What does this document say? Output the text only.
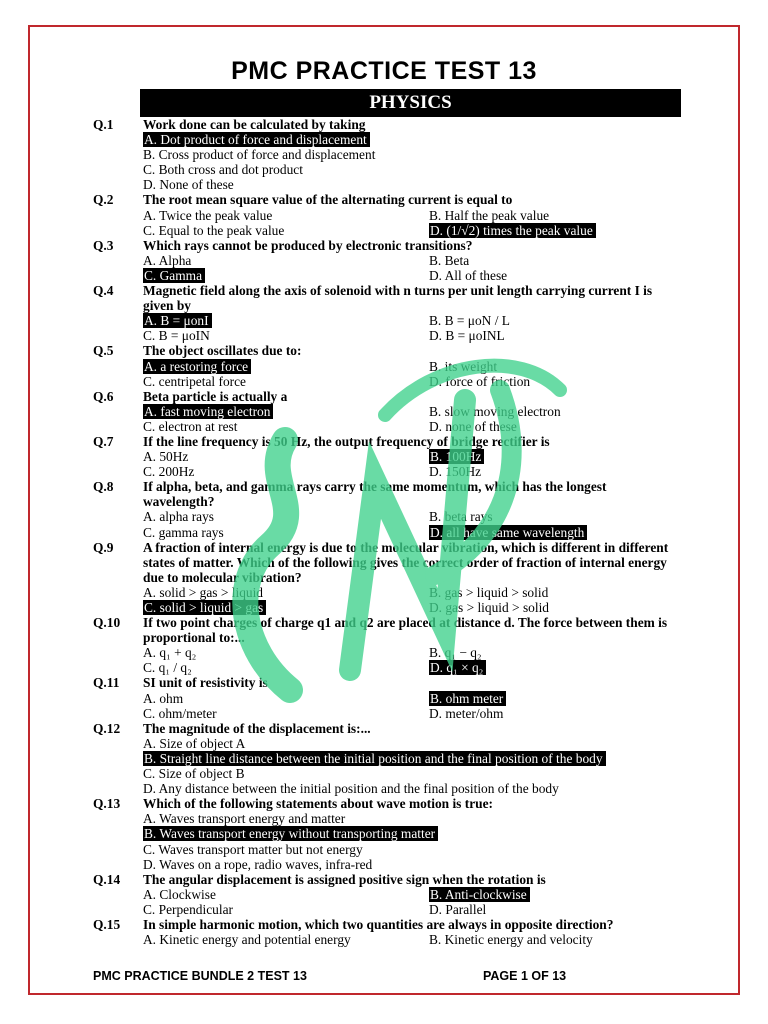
PMC PRACTICE TEST 13
PHYSICS
Q.1	Work done can be calculated by taking
A. Dot product of force and displacement
B. Cross product of force and displacement
C. Both cross and dot product
D. None of these
Q.2	The root mean square value of the alternating current is equal to
A. Twice the peak value	B. Half the peak value
C. Equal to the peak value	D. (1/√2) times the peak value
Q.3	Which rays cannot be produced by electronic transitions?
A. Alpha	B. Beta
C. Gamma	D. All of these
Q.4	Magnetic field along the axis of solenoid with n turns per unit length carrying current I is given by
A. B = μonI	B. B = μoN / L
C. B = μoIN	D. B = μoINL
Q.5	The object oscillates due to:
A. a restoring force	B. its weight
C. centripetal force	D. force of friction
Q.6	Beta particle is actually a
A. fast moving electron	B. slow moving electron
C. electron at rest	D. none of these
Q.7	If the line frequency is 50 Hz, the output frequency of bridge rectifier is
A. 50Hz	B. 100Hz
C. 200Hz	D. 150Hz
Q.8	If alpha, beta, and gamma rays carry the same momentum, which has the longest wavelength?
A. alpha rays	B. beta rays
C. gamma rays	D. all have same wavelength
Q.9	A fraction of internal energy is due to the molecular vibration, which is different in different states of matter. Which of the following gives the correct order of fraction of internal energy due to molecular vibration?
A. solid > gas > liquid	B. gas > liquid > solid
C. solid > liquid > gas	D. gas > liquid > solid
Q.10	If two point charges of charge q1 and q2 are placed at distance d. The force between them is proportional to:...
A. q₁ + q₂	B. q₁ − q₂
C. q₁ / q₂	D. q₁ × q₂
Q.11	SI unit of resistivity is
A. ohm	B. ohm meter
C. ohm/meter	D. meter/ohm
Q.12	The magnitude of the displacement is:...
A. Size of object A
B. Straight line distance between the initial position and the final position of the body
C. Size of object B
D. Any distance between the initial position and the final position of the body
Q.13	Which of the following statements about wave motion is true:
A. Waves transport energy and matter
B. Waves transport energy without transporting matter
C. Waves transport matter but not energy
D. Waves on a rope, radio waves, infra-red
Q.14	The angular displacement is assigned positive sign when the rotation is
A. Clockwise	B. Anti-clockwise
C. Perpendicular	D. Parallel
Q.15	In simple harmonic motion, which two quantities are always in opposite direction?
A. Kinetic energy and potential energy	B. Kinetic energy and velocity
PMC PRACTICE BUNDLE 2 TEST 13	PAGE 1 OF 13
